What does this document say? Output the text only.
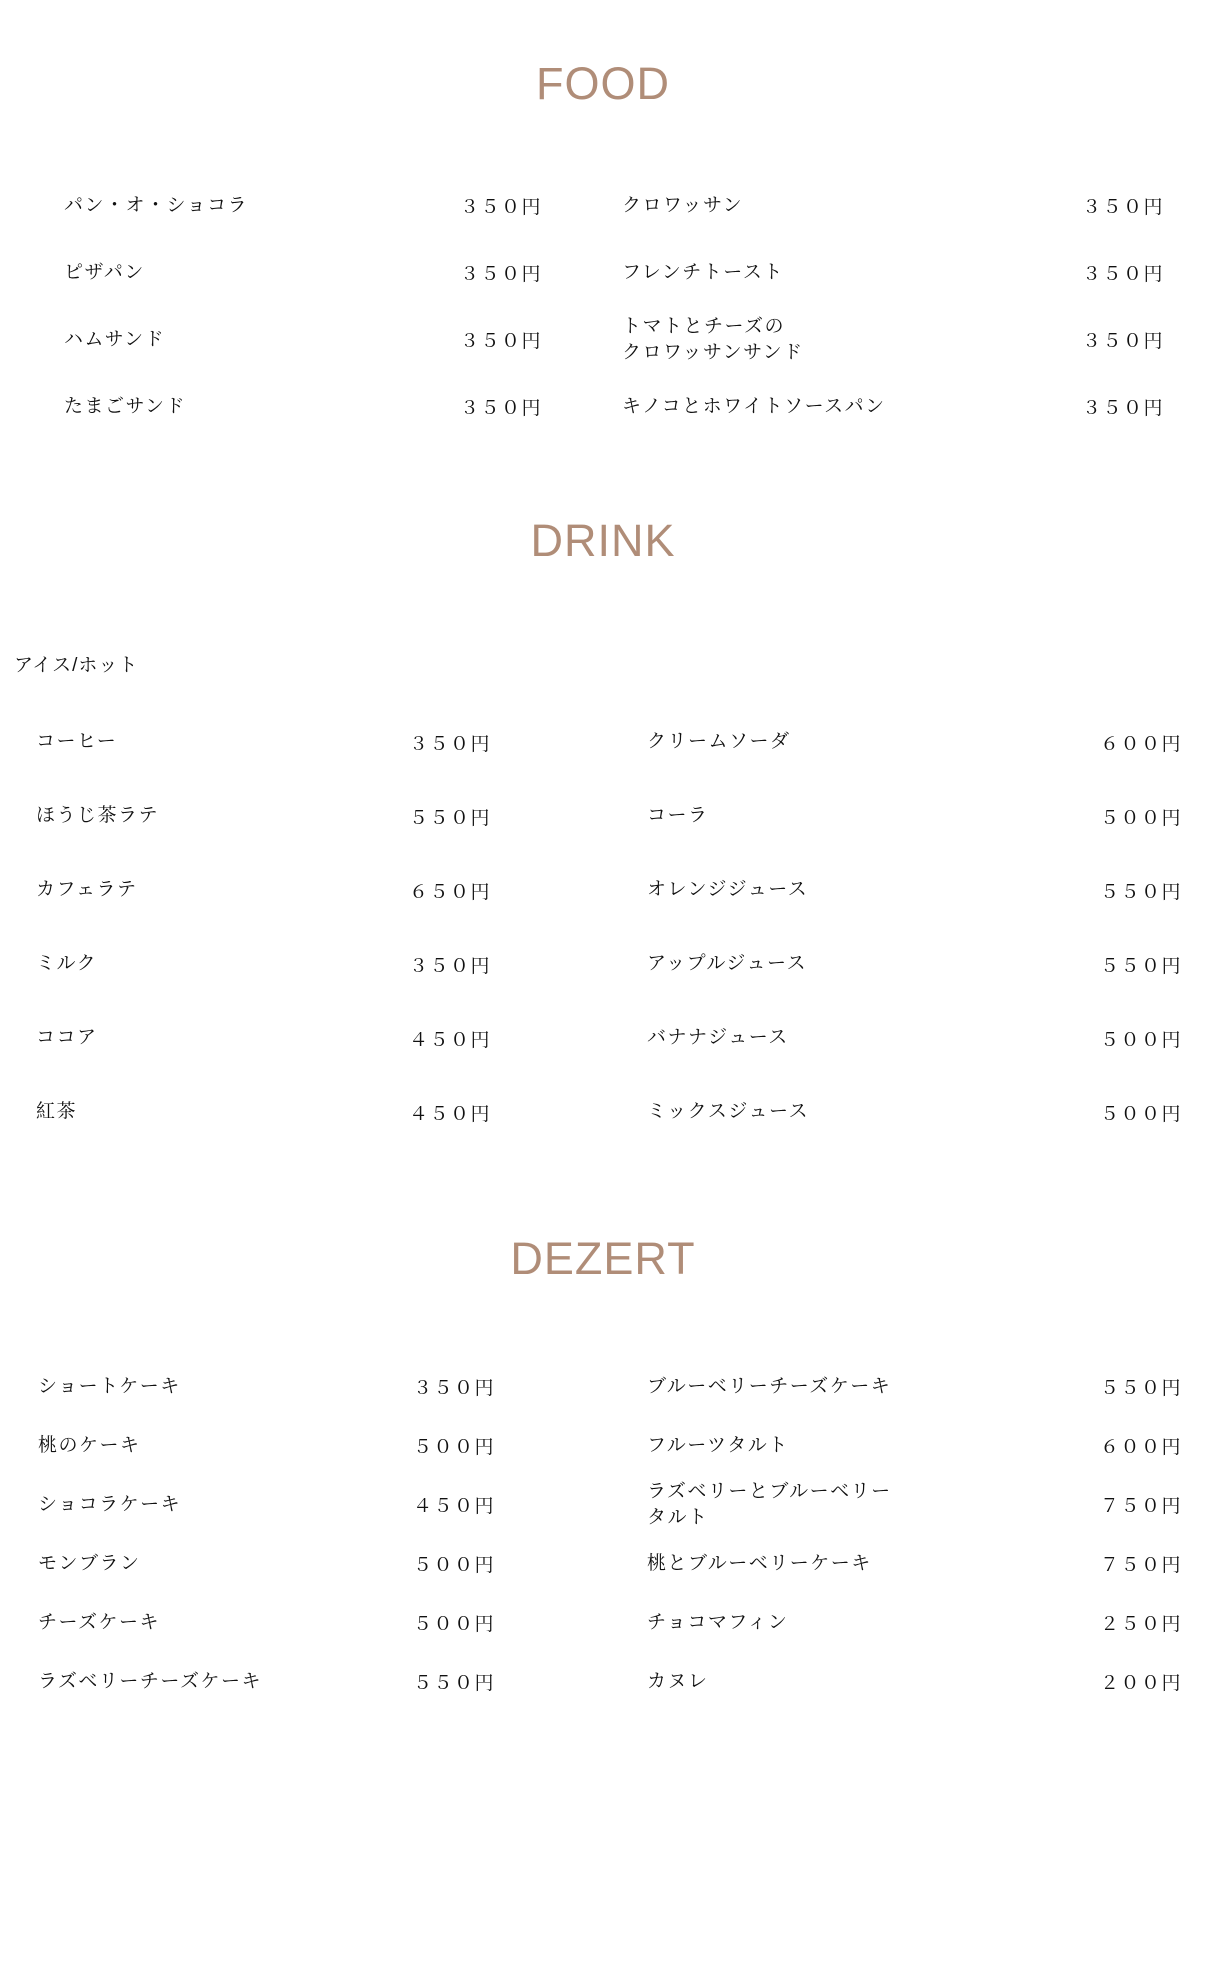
FOOD
パン・オ・ショコラ	３５０円
ピザパン	３５０円
ハムサンド	３５０円
たまごサンド	３５０円
クロワッサン	３５０円
フレンチトースト	３５０円
トマトとチーズの
クロワッサンサンド	３５０円
キノコとホワイトソースパン	３５０円
DRINK
アイス/ホット
コーヒー	３５０円
ほうじ茶ラテ	５５０円
カフェラテ	６５０円
ミルク	３５０円
ココア	４５０円
紅茶	４５０円
クリームソーダ	６００円
コーラ	５００円
オレンジジュース	５５０円
アップルジュース	５５０円
バナナジュース	５００円
ミックスジュース	５００円
DEZERT
ショートケーキ	３５０円
桃のケーキ	５００円
ショコラケーキ	４５０円
モンブラン	５００円
チーズケーキ	５００円
ラズベリーチーズケーキ	５５０円
ブルーベリーチーズケーキ	５５０円
フルーツタルト	６００円
ラズベリーとブルーベリー
タルト	７５０円
桃とブルーベリーケーキ	７５０円
チョコマフィン	２５０円
カヌレ	２００円
